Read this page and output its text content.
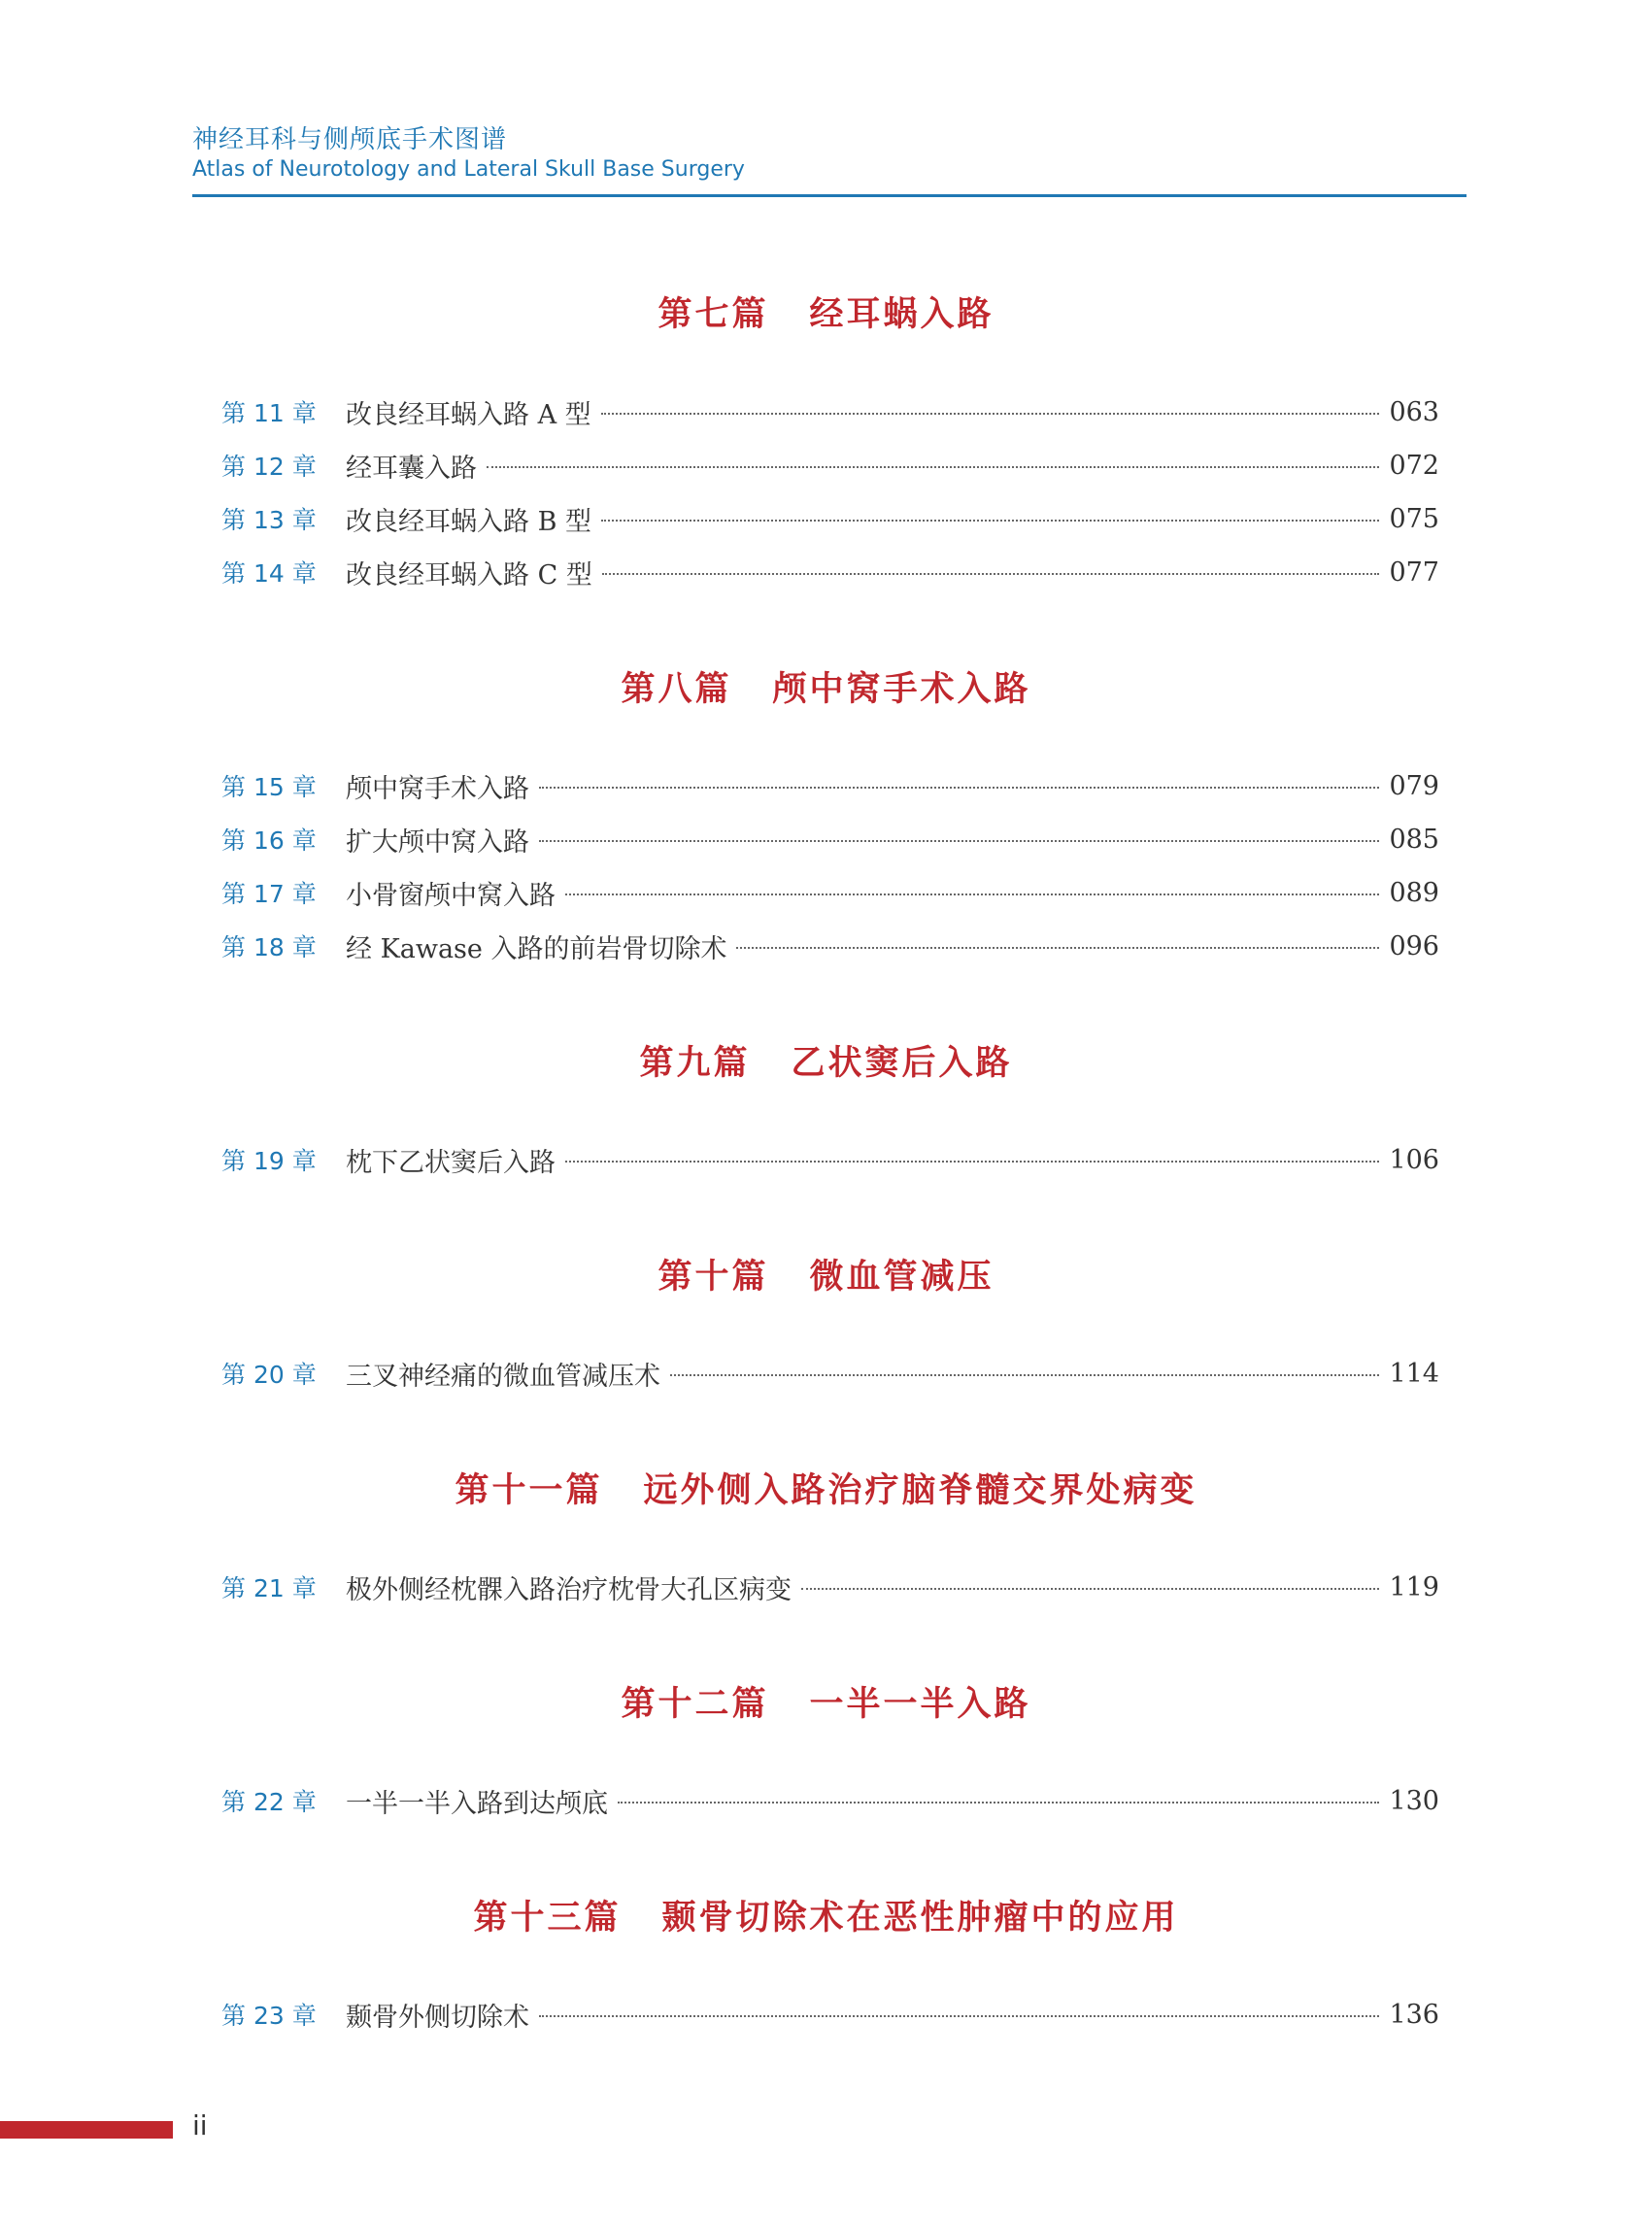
神经耳科与侧颅底手术图谱
Atlas of Neurotology and Lateral Skull Base Surgery
第七篇 经耳蜗入路
第 11 章	改良经耳蜗入路 A 型	063
第 12 章	经耳囊入路	072
第 13 章	改良经耳蜗入路 B 型	075
第 14 章	改良经耳蜗入路 C 型	077
第八篇 颅中窝手术入路
第 15 章	颅中窝手术入路	079
第 16 章	扩大颅中窝入路	085
第 17 章	小骨窗颅中窝入路	089
第 18 章	经 Kawase 入路的前岩骨切除术	096
第九篇 乙状窦后入路
第 19 章	枕下乙状窦后入路	106
第十篇 微血管减压
第 20 章	三叉神经痛的微血管减压术	114
第十一篇 远外侧入路治疗脑脊髓交界处病变
第 21 章	极外侧经枕髁入路治疗枕骨大孔区病变	119
第十二篇 一半一半入路
第 22 章	一半一半入路到达颅底	130
第十三篇 颞骨切除术在恶性肿瘤中的应用
第 23 章	颞骨外侧切除术	136
ii
